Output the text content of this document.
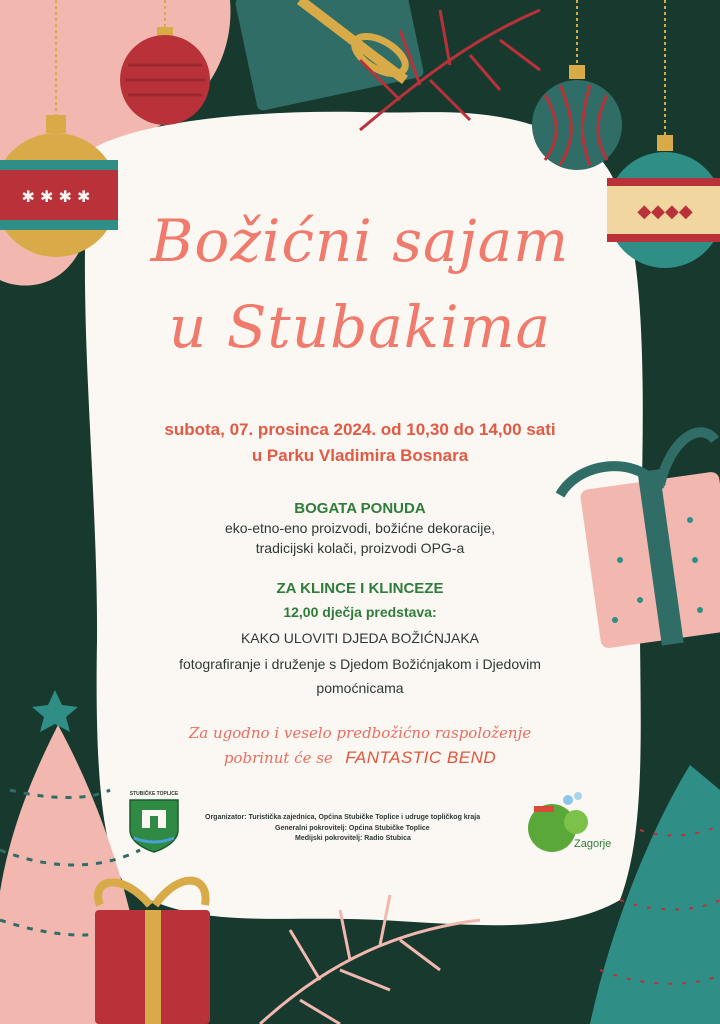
✱ ✱ ✱ ✱
◆◆◆◆
Božićni sajam
u Stubakima
subota, 07. prosinca 2024. od 10,30 do 14,00 sati
u Parku Vladimira Bosnara
BOGATA PONUDA
eko-etno-eno proizvodi, božićne dekoracije,
tradicijski kolači, proizvodi OPG-a
ZA KLINCE I KLINCEZE
12,00 dječja predstava:
KAKO ULOVITI DJEDA BOŽIĆNJAKA
fotografiranje i druženje s Djedom Božićnjakom i Djedovim
pomoćnicama
Za ugodno i veselo predbožićno raspoloženje
pobrinut će se FANTASTIC BEND
STUBIČKE TOPLICE
Organizator: Turistička zajednica, Općina Stubičke Toplice i udruge topličkog kraja
Generalni pokrovitelj: Općina Stubičke Toplice
Medijski pokrovitelj: Radio Stubica	Zagorje
